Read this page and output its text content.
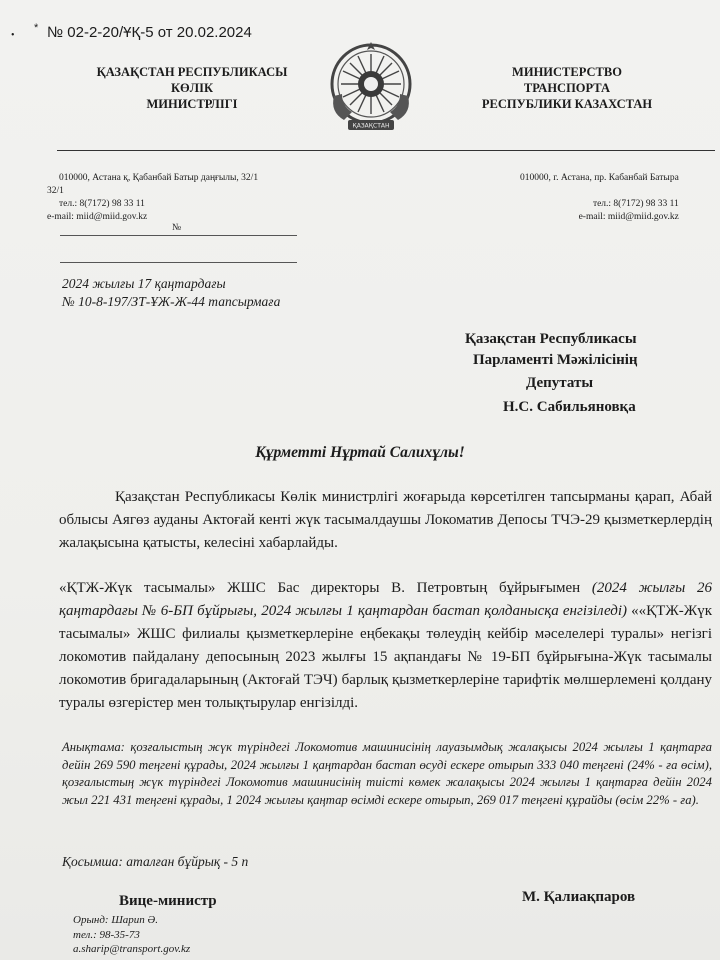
•
* № 02-2-20/ҰҚ-5 от 20.02.2024
ҚАЗАҚСТАН РЕСПУБЛИКАСЫ
КӨЛІК
МИНИСТРЛІГІ
ҚАЗАҚСТАН
МИНИСТЕРСТВО
ТРАНСПОРТА
РЕСПУБЛИКИ КАЗАХСТАН
010000, Астана қ, Қабанбай Батыр даңғылы, 32/1
32/1
тел.: 8(7172) 98 33 11
e-mail: miid@miid.gov.kz
010000, г. Астана, пр. Кабанбай Батыра
тел.: 8(7172) 98 33 11
e-mail: miid@miid.gov.kz
№
2024 жылғы 17 қаңтардағы
№ 10-8-197/ЗТ-ҰЖ-Ж-44 тапсырмаға
Қазақстан Республикасы
Парламенті Мәжілісінің
Депутаты
Н.С. Сабильяновқа
Құрметті Нұртай Салихұлы!
Қазақстан Республикасы Көлік министрлігі жоғарыда көрсетілген тапсырманы қарап, Абай облысы Аягөз ауданы Актоғай кенті жүк тасымалдаушы Локоматив Депосы ТЧЭ-29 қызметкерлердің жалақысына қатысты, келесіні хабарлайды.
«ҚТЖ-Жүк тасымалы» ЖШС Бас директоры В. Петровтың бұйрығымен (2024 жылғы 26 қаңтардағы № 6-БП бұйрығы, 2024 жылғы 1 қаңтардан бастап қолданысқа енгізіледі) ««ҚТЖ-Жүк тасымалы» ЖШС филиалы қызметкерлеріне еңбекақы төлеудің кейбір мәселелері туралы» негізгі локомотив пайдалану депосының 2023 жылғы 15 ақпандағы № 19-БП бұйрығына-Жүк тасымалы локомотив бригадаларының (Актоғай ТЭЧ) барлық қызметкерлеріне тарифтік мөлшерлемені қолдану туралы өзгерістер мен толықтырулар енгізілді.
Анықтама: қозғалыстың жүк түріндегі Локомотив машинисінің лауазымдық жалақысы 2024 жылғы 1 қаңтарға дейін 269 590 теңгені құрады, 2024 жылғы 1 қаңтардан бастап өсуді ескере отырып 333 040 теңгені (24% - ға өсім), қозғалыстың жүк түріндегі Локомотив машинисінің тиісті көмек жалақысы 2024 жылғы 1 қаңтарға дейін 2024 жыл 221 431 теңгені құрады, 1 2024 жылғы қаңтар өсімді ескере отырып, 269 017 теңгені құрайды (өсім 22% - ға).
Қосымша: аталған бұйрық - 5 п
Вице-министр	М. Қалиақпаров
Орынд: Шарип Ә.
тел.: 98-35-73
a.sharip@transport.gov.kz
